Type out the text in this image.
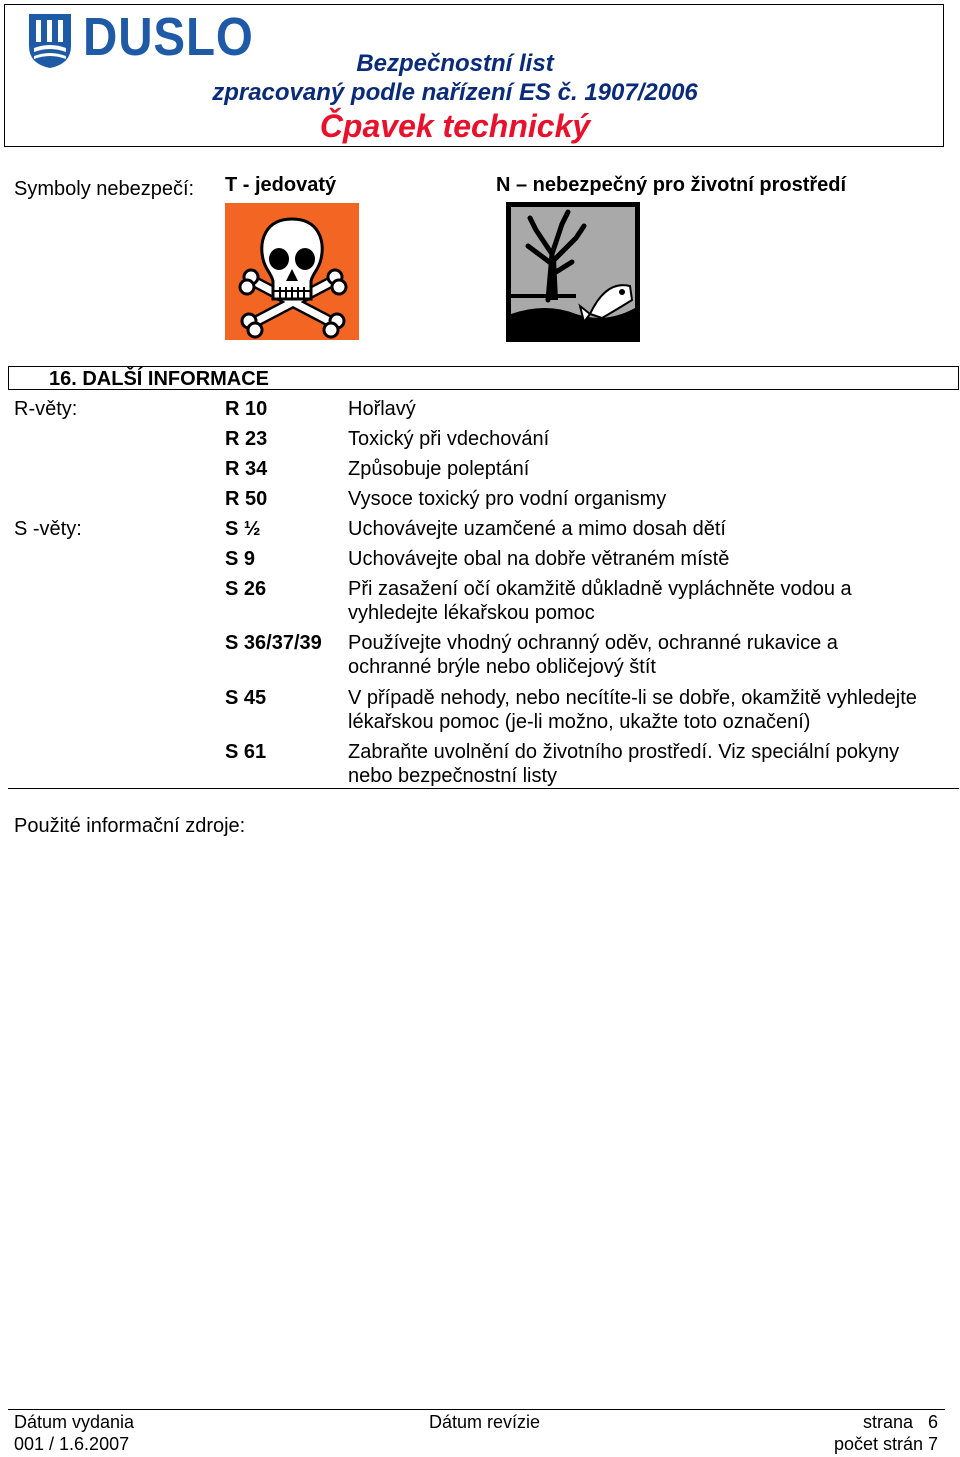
DUSLO	Bezpečnostní list
zpracovaný podle nařízení ES č. 1907/2006
Čpavek technický
Symboly nebezpečí: T - jedovatý	N – nebezpečný pro životní prostředí
16. DALŠÍ INFORMACE
R-věty:
S -věty:
R 10	Hořlavý
R 23	Toxický při vdechování
R 34	Způsobuje poleptání
R 50	Vysoce toxický pro vodní organismy
S ½	Uchovávejte uzamčené a mimo dosah dětí
S 9	Uchovávejte obal na dobře větraném místě
S 26	Při zasažení očí okamžitě důkladně vypláchněte vodou a
vyhledejte lékařskou pomoc
S 36/37/39 Používejte vhodný ochranný oděv, ochranné rukavice a
ochranné brýle nebo obličejový štít
S 45	V případě nehody, nebo necítíte-li se dobře, okamžitě vyhledejte
lékařskou pomoc (je-li možno, ukažte toto označení)
S 61	Zabraňte uvolnění do životního prostředí. Viz speciální pokyny
nebo bezpečnostní listy
Použité informační zdroje:
Dátum vydania
001 / 1.6.2007
Dátum revízie	strana   6
počet strán 7
